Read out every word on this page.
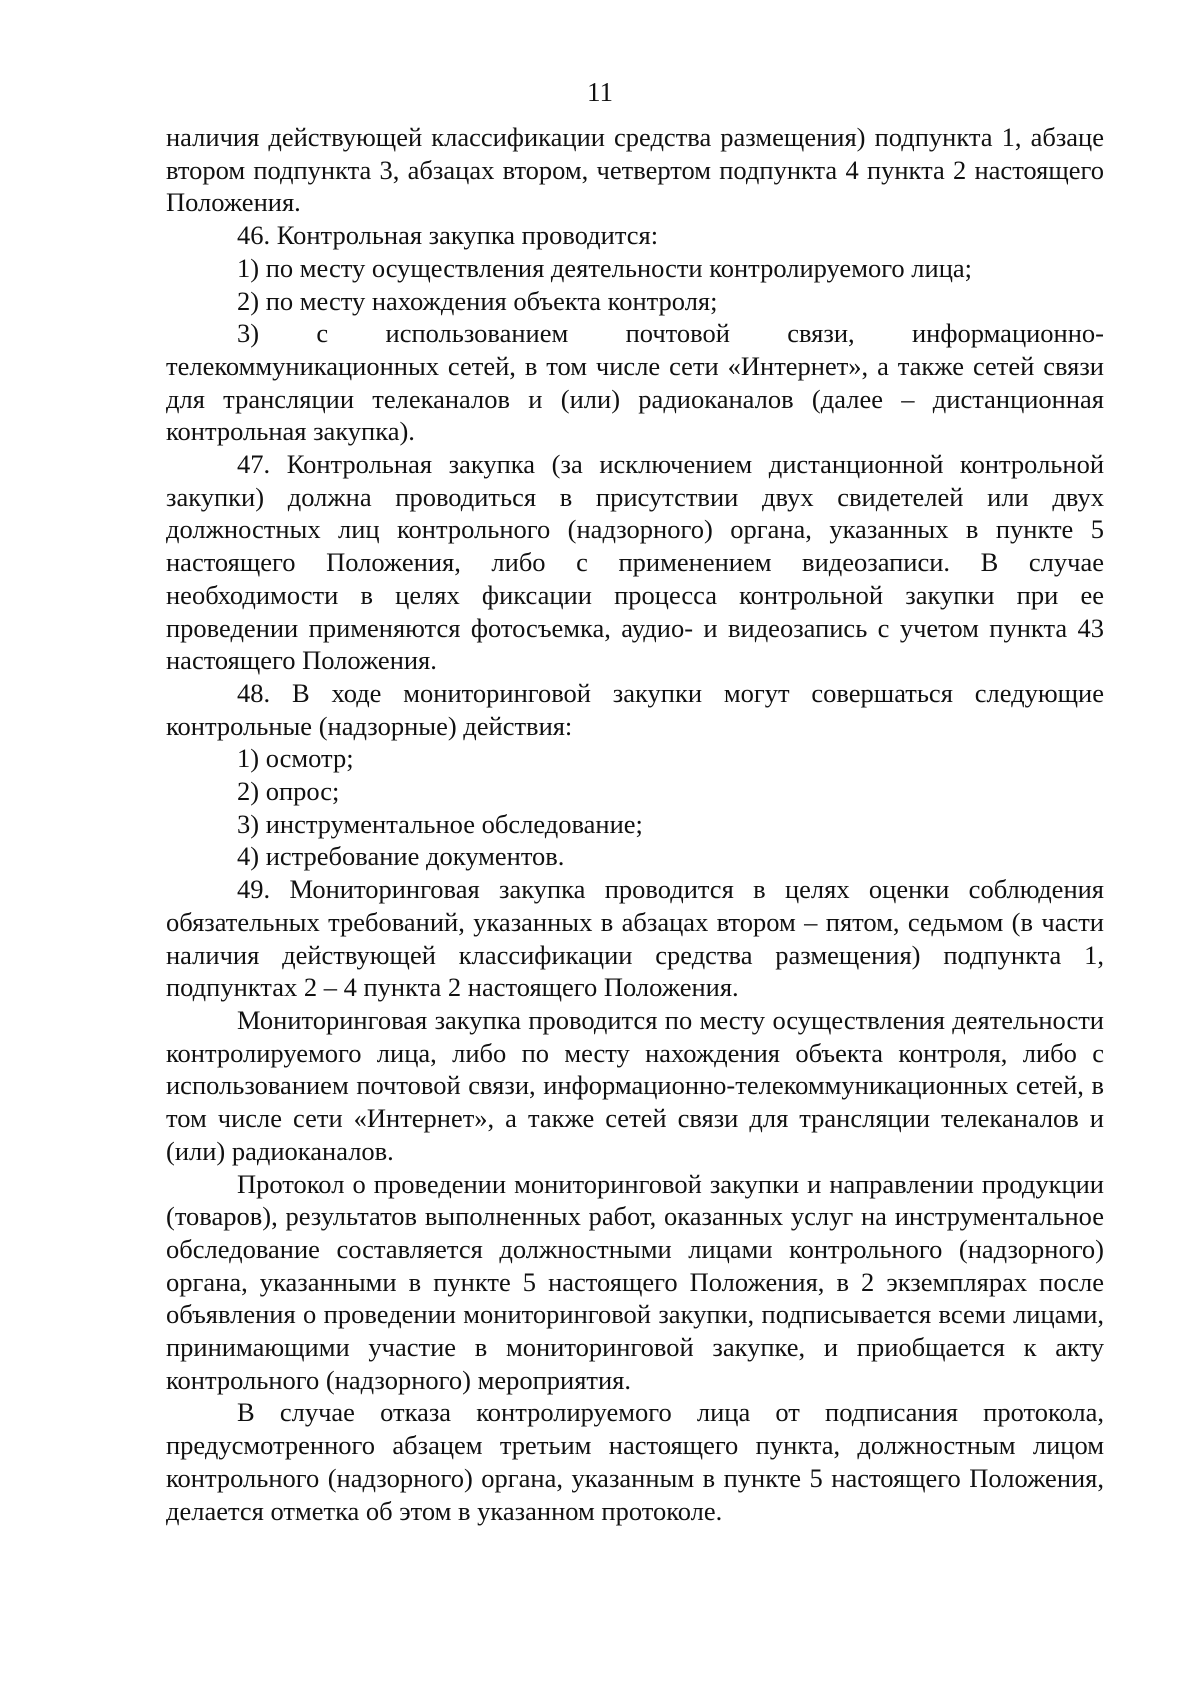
11

наличия действующей классификации средства размещения) подпункта 1, абзаце втором подпункта 3, абзацах втором, четвертом подпункта 4 пункта 2 настоящего Положения.

46. Контрольная закупка проводится:

1) по месту осуществления деятельности контролируемого лица;

2) по месту нахождения объекта контроля;

3) с использованием почтовой связи, информационно-телекоммуникационных сетей, в том числе сети «Интернет», а также сетей связи для трансляции телеканалов и (или) радиоканалов (далее – дистанционная контрольная закупка).

47. Контрольная закупка (за исключением дистанционной контрольной закупки) должна проводиться в присутствии двух свидетелей или двух должностных лиц контрольного (надзорного) органа, указанных в пункте 5 настоящего Положения, либо с применением видеозаписи. В случае необходимости в целях фиксации процесса контрольной закупки при ее проведении применяются фотосъемка, аудио- и видеозапись с учетом пункта 43 настоящего Положения.

48. В ходе мониторинговой закупки могут совершаться следующие контрольные (надзорные) действия:

1) осмотр;

2) опрос;

3) инструментальное обследование;

4) истребование документов.

49. Мониторинговая закупка проводится в целях оценки соблюдения обязательных требований, указанных в абзацах втором – пятом, седьмом (в части наличия действующей классификации средства размещения) подпункта 1, подпунктах 2 – 4 пункта 2 настоящего Положения.

Мониторинговая закупка проводится по месту осуществления деятельности контролируемого лица, либо по месту нахождения объекта контроля, либо с использованием почтовой связи, информационно-телекоммуникационных сетей, в том числе сети «Интернет», а также сетей связи для трансляции телеканалов и (или) радиоканалов.

Протокол о проведении мониторинговой закупки и направлении продукции (товаров), результатов выполненных работ, оказанных услуг на инструментальное обследование составляется должностными лицами контрольного (надзорного) органа, указанными в пункте 5 настоящего Положения, в 2 экземплярах после объявления о проведении мониторинговой закупки, подписывается всеми лицами, принимающими участие в мониторинговой закупке, и приобщается к акту контрольного (надзорного) мероприятия.

В случае отказа контролируемого лица от подписания протокола, предусмотренного абзацем третьим настоящего пункта, должностным лицом контрольного (надзорного) органа, указанным в пункте 5 настоящего Положения, делается отметка об этом в указанном протоколе.
